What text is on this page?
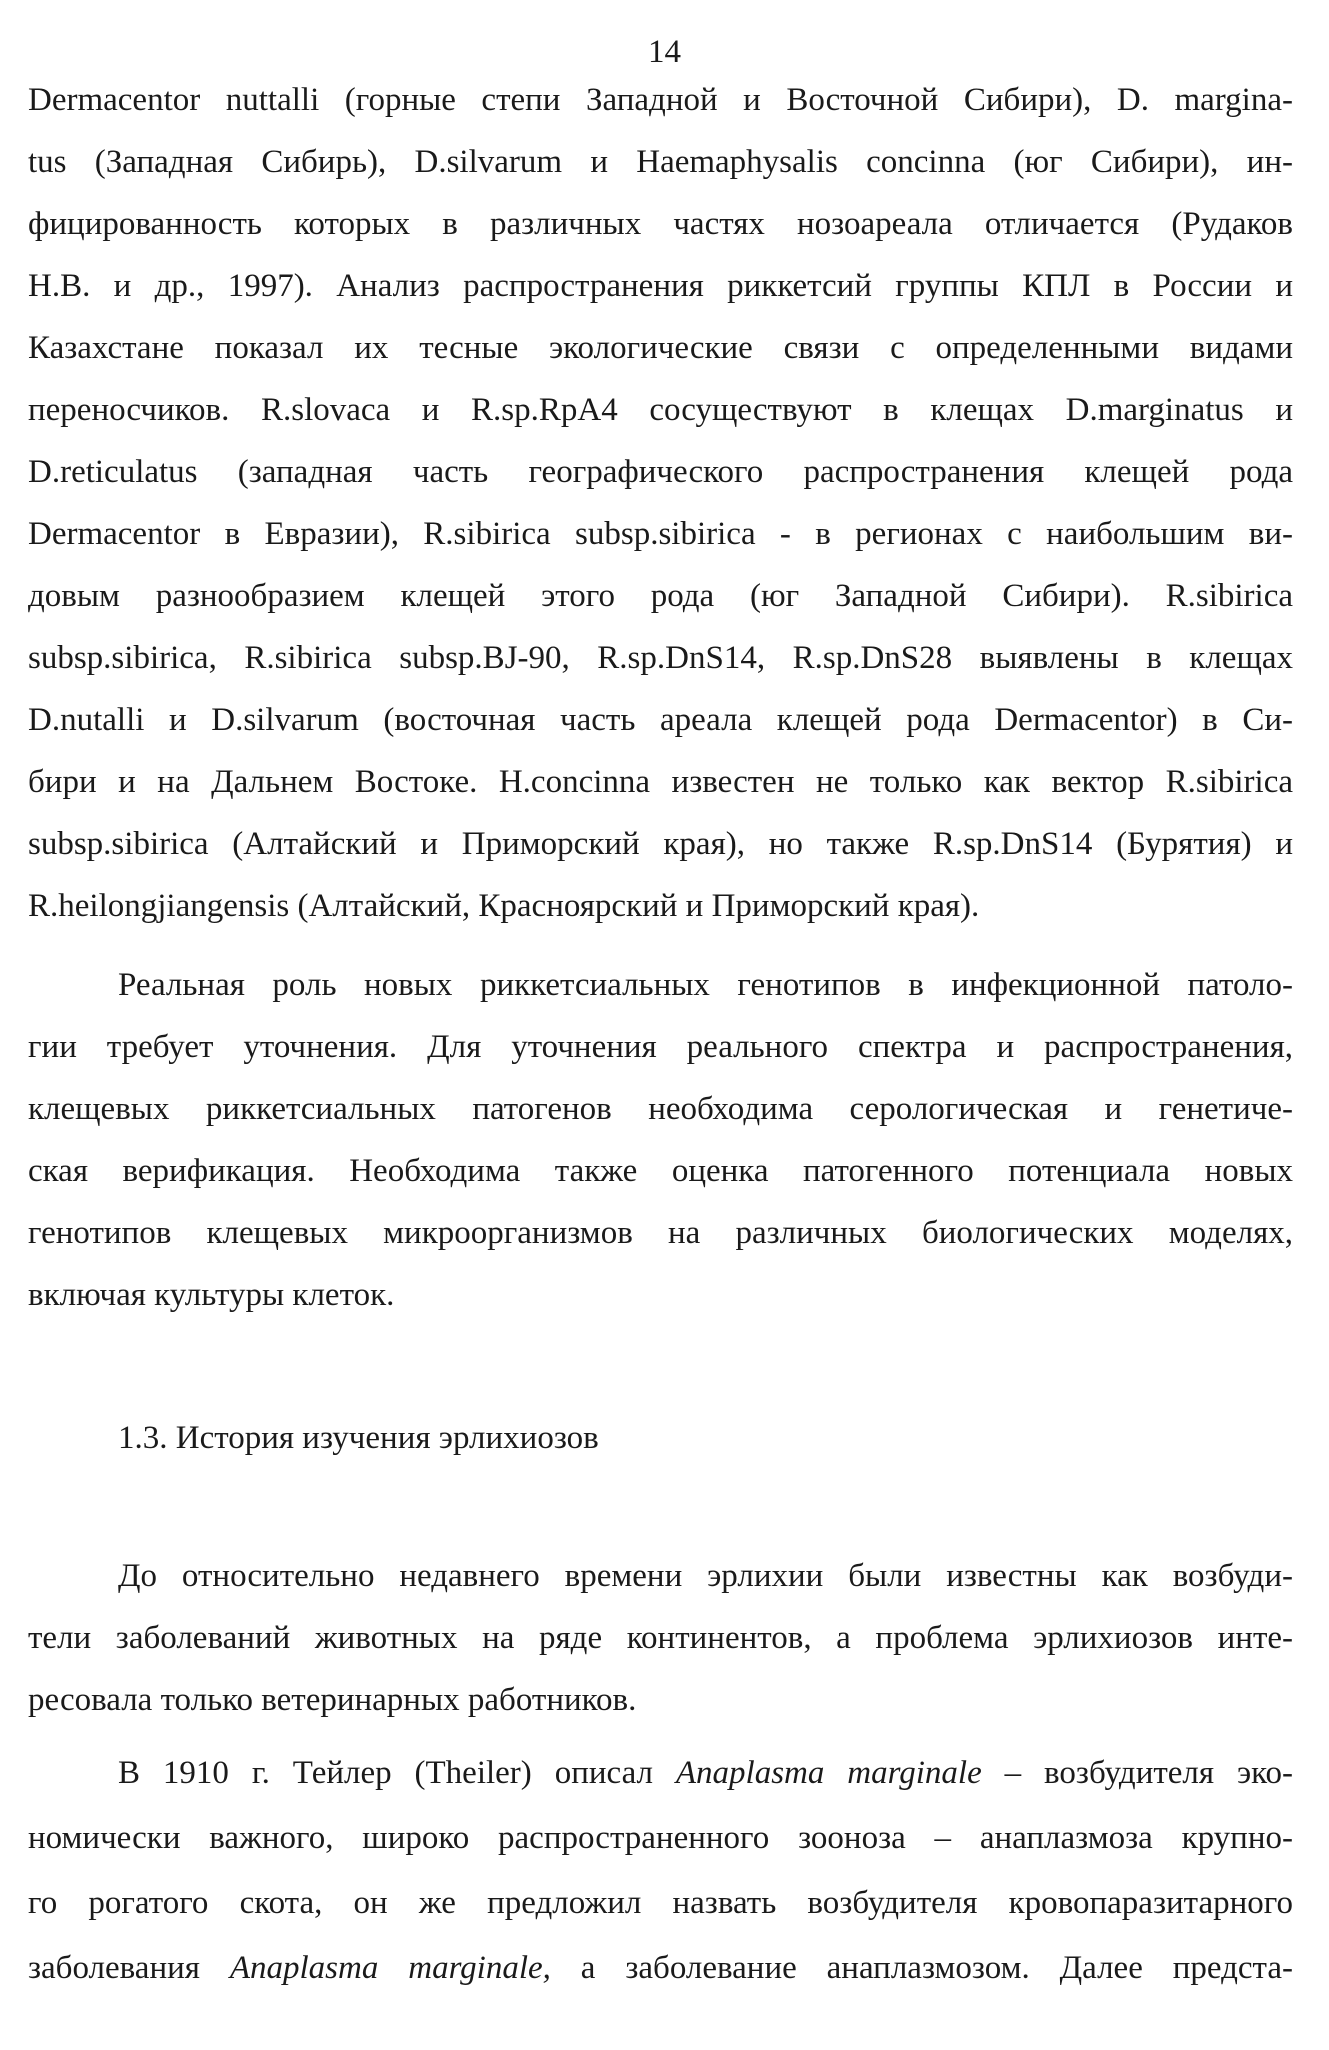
14
Dermacentor nuttalli (горные степи Западной и Восточной Сибири), D. margina-
tus (Западная Сибирь), D.silvarum и Haemaphysalis concinna (юг Сибири), ин-
фицированность которых в различных частях нозоареала отличается (Рудаков
Н.В. и др., 1997). Анализ распространения риккетсий группы КПЛ в России и
Казахстане показал их тесные экологические связи с определенными видами
переносчиков. R.slovaca и R.sp.RpA4 сосуществуют в клещах D.marginatus и
D.reticulatus (западная часть географического распространения клещей рода
Dermacentor в Евразии), R.sibirica subsp.sibirica - в регионах с наибольшим ви-
довым разнообразием клещей этого рода (юг Западной Сибири). R.sibirica
subsp.sibirica, R.sibirica subsp.BJ-90, R.sp.DnS14, R.sp.DnS28 выявлены в клещах
D.nutalli и D.silvarum (восточная часть ареала клещей рода Dermacentor) в Си-
бири и на Дальнем Востоке. H.concinna известен не только как вектор R.sibirica
subsp.sibirica (Алтайский и Приморский края), но также R.sp.DnS14 (Бурятия) и
R.heilongjiangensis (Алтайский, Красноярский и Приморский края).
Реальная роль новых риккетсиальных генотипов в инфекционной патоло-
гии требует уточнения. Для уточнения реального спектра и распространения,
клещевых риккетсиальных патогенов необходима серологическая и генетиче-
ская верификация. Необходима также оценка патогенного потенциала новых
генотипов клещевых микроорганизмов на различных биологических моделях,
включая культуры клеток.
1.3. История изучения эрлихиозов
До относительно недавнего времени эрлихии были известны как возбуди-
тели заболеваний животных на ряде континентов, а проблема эрлихиозов инте-
ресовала только ветеринарных работников.
В 1910 г. Тейлер (Theiler) описал Anaplasma marginale – возбудителя эко-
номически важного, широко распространенного зооноза – анаплазмоза крупно-
го рогатого скота, он же предложил назвать возбудителя кровопаразитарного
заболевания Anaplasma marginale, а заболевание анаплазмозом. Далее предста-
